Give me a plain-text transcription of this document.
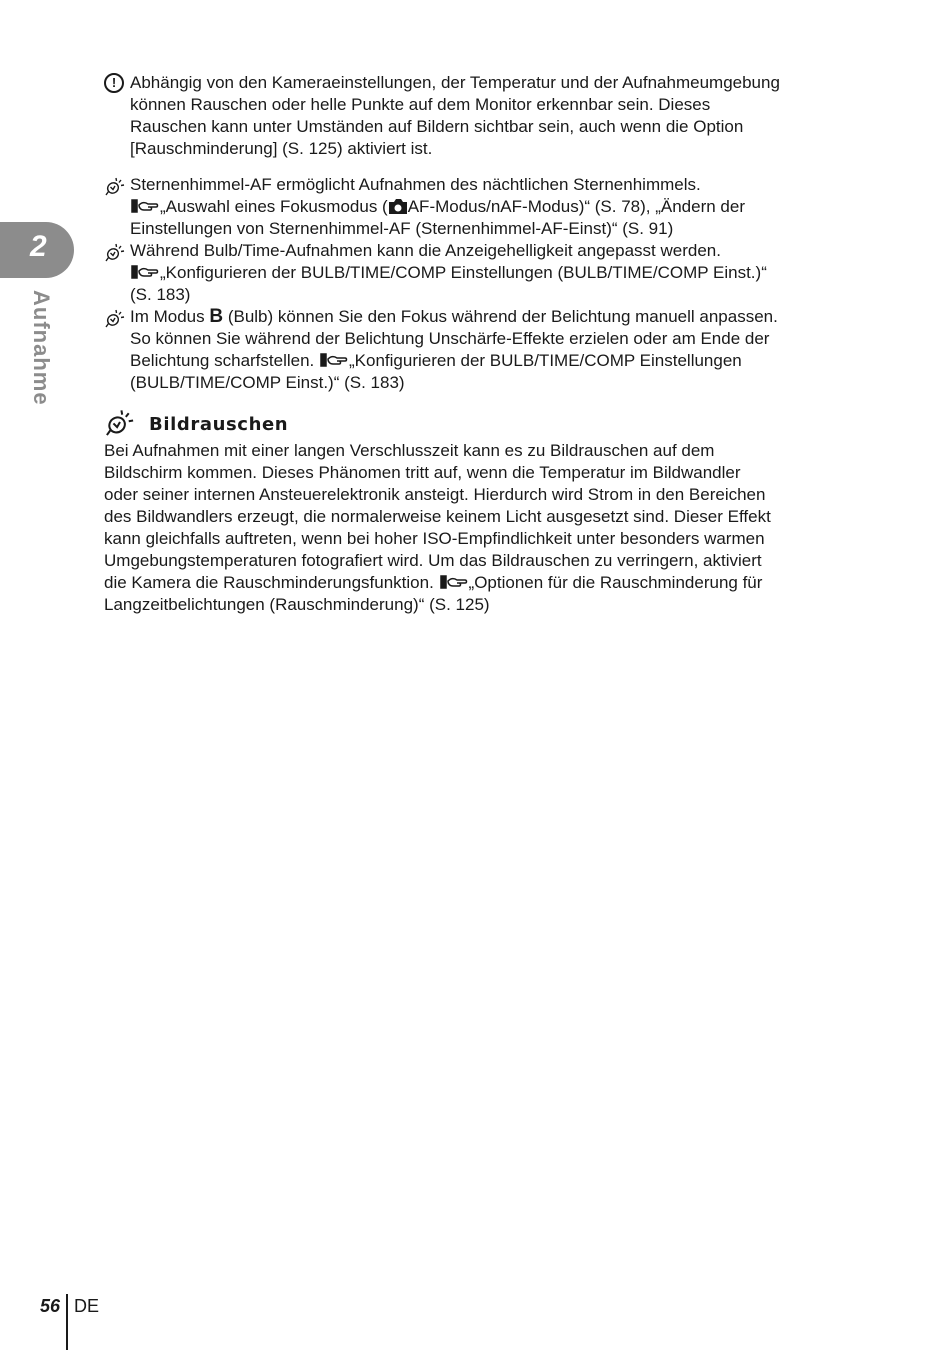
2
Aufnahme
! Abhängig von den Kameraeinstellungen, der Temperatur und der Aufnahmeumgebung
können Rauschen oder helle Punkte auf dem Monitor erkennbar sein. Dieses
Rauschen kann unter Umständen auf Bildern sichtbar sein, auch wenn die Option
[Rauschminderung] (S. 125) aktiviert ist.
Sternenhimmel-AF ermöglicht Aufnahmen des nächtlichen Sternenhimmels.
„Auswahl eines Fokusmodus ( AF-Modus/nAF-Modus)“ (S. 78), „Ändern der
Einstellungen von Sternenhimmel-AF (Sternenhimmel-AF-Einst)“ (S. 91)
Während Bulb/Time-Aufnahmen kann die Anzeigehelligkeit angepasst werden.
„Konfigurieren der BULB/TIME/COMP Einstellungen (BULB/TIME/COMP Einst.)“
(S. 183)
Im Modus B (Bulb) können Sie den Fokus während der Belichtung manuell anpassen.
So können Sie während der Belichtung Unschärfe-Effekte erzielen oder am Ende der
Belichtung scharfstellen. „Konfigurieren der BULB/TIME/COMP Einstellungen
(BULB/TIME/COMP Einst.)“ (S. 183)
Bildrauschen
Bei Aufnahmen mit einer langen Verschlusszeit kann es zu Bildrauschen auf dem
Bildschirm kommen. Dieses Phänomen tritt auf, wenn die Temperatur im Bildwandler
oder seiner internen Ansteuerelektronik ansteigt. Hierdurch wird Strom in den Bereichen
des Bildwandlers erzeugt, die normalerweise keinem Licht ausgesetzt sind. Dieser Effekt
kann gleichfalls auftreten, wenn bei hoher ISO-Empfindlichkeit unter besonders warmen
Umgebungstemperaturen fotografiert wird. Um das Bildrauschen zu verringern, aktiviert
die Kamera die Rauschminderungsfunktion. „Optionen für die Rauschminderung für
Langzeitbelichtungen (Rauschminderung)“ (S. 125)
56 DE
